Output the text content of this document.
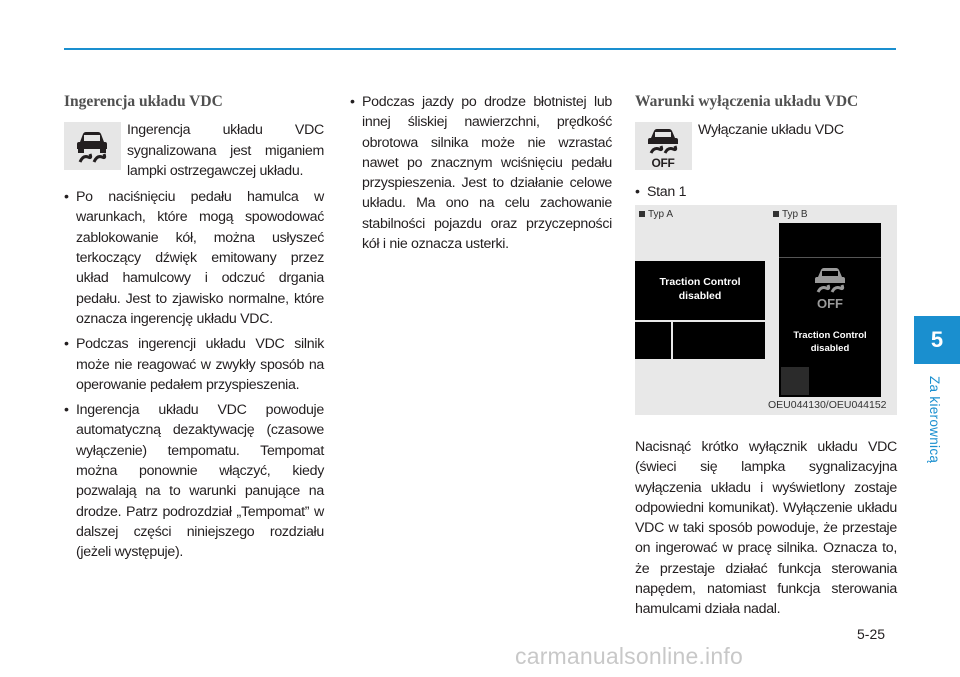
Ingerencja układu VDC
Ingerencja układu VDC sygnalizowana jest miganiem lampki ostrzegawczej układu.
• Po naciśnięciu pedału hamulca w warunkach, które mogą spowodować zablokowanie kół, można usłyszeć terkoczący dźwięk emitowany przez układ hamulcowy i odczuć drgania pedału. Jest to zjawisko normalne, które oznacza ingerencję układu VDC.
• Podczas ingerencji układu VDC silnik może nie reagować w zwykły sposób na operowanie pedałem przyspieszenia.
• Ingerencja układu VDC powoduje automatyczną dezaktywację (czasowe wyłączenie) tempomatu. Tempomat można ponownie włączyć, kiedy pozwalają na to warunki panujące na drodze. Patrz podrozdział „Tempomat” w dalszej części niniejszego rozdziału (jeżeli występuje).
• Podczas jazdy po drodze błotnistej lub innej śliskiej nawierzchni, prędkość obrotowa silnika może nie wzrastać nawet po znacznym wciśnięciu pedału przyspieszenia. Jest to działanie celowe układu. Ma ono na celu zachowanie stabilności pojazdu oraz przyczepności kół i nie oznacza usterki.
Warunki wyłączenia układu VDC
OFF
Wyłączanie układu VDC
• Stan 1
Typ A	Typ B
Traction Control
disabled	OFF
Traction Control
disabled
OEU044130/OEU044152
Nacisnąć krótko wyłącznik układu VDC (świeci się lampka sygnalizacyjna wyłączenia układu i wyświetlony zostaje odpowiedni komunikat). Wyłączenie układu VDC w taki sposób powoduje, że przestaje on ingerować w pracę silnika. Oznacza to, że przestaje działać funkcja sterowania napędem, natomiast funkcja sterowania hamulcami działa nadal.
5
Za kierownicą
5-25
carmanualsonline.info
